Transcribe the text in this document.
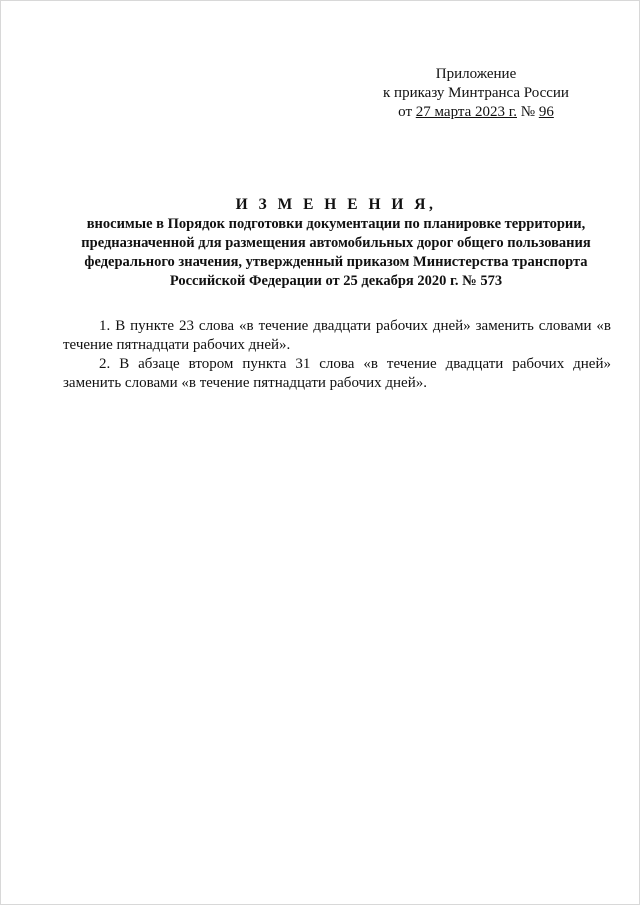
Приложение
к приказу Минтранса России
от 27 марта 2023 г. № 96
И З М Е Н Е Н И Я,
вносимые в Порядок подготовки документации по планировке территории,
предназначенной для размещения автомобильных дорог общего пользования
федерального значения, утвержденный приказом Министерства транспорта
Российской Федерации от 25 декабря 2020 г. № 573

1. В пункте 23 слова «в течение двадцати рабочих дней» заменить словами «в течение пятнадцати рабочих дней».

2. В абзаце втором пункта 31 слова «в течение двадцати рабочих дней» заменить словами «в течение пятнадцати рабочих дней».
